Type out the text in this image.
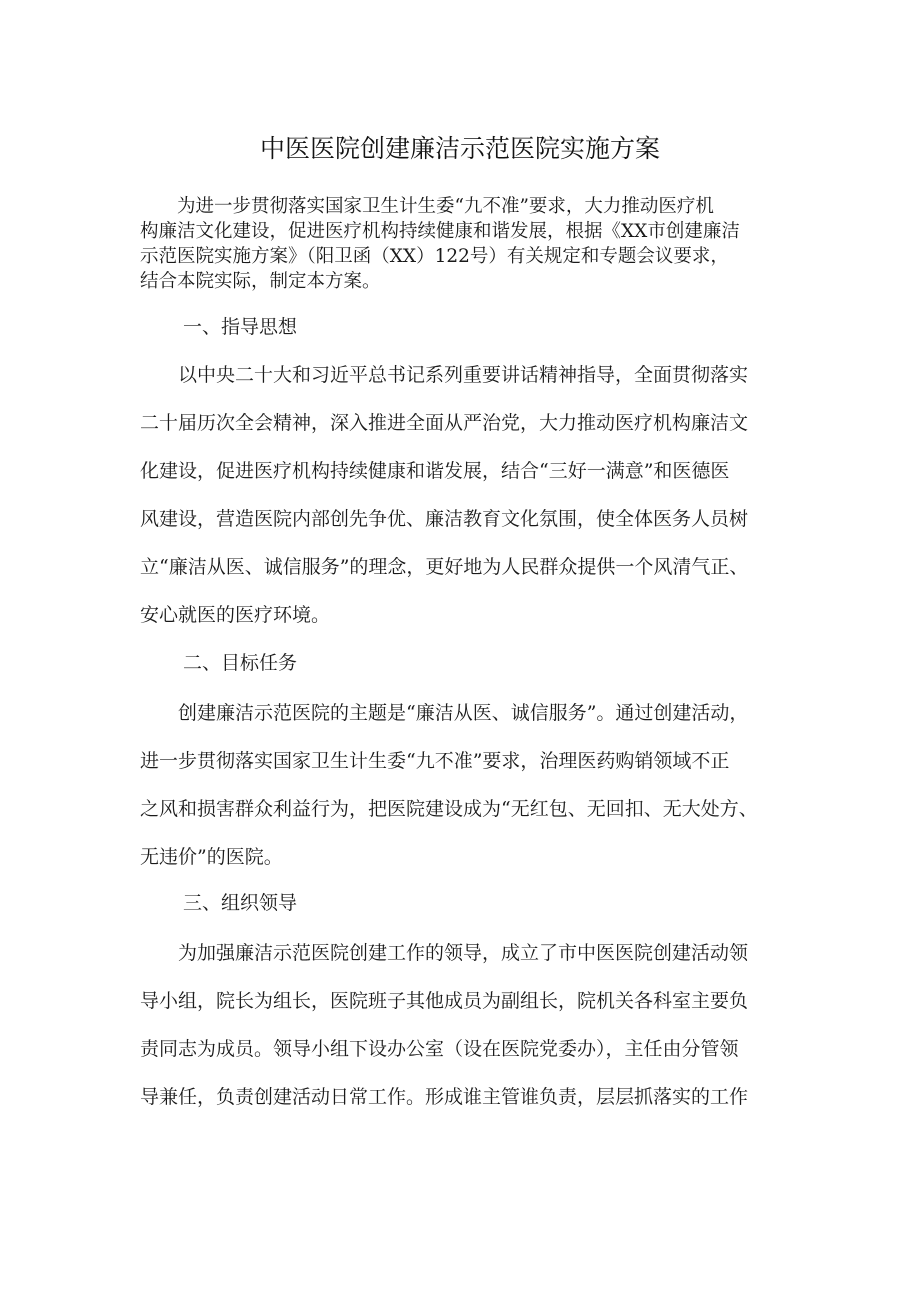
中医医院创建廉洁示范医院实施方案
　　为进一步贯彻落实国家卫生计生委“九不准”要求，大力推动医疗机
构廉洁文化建设，促进医疗机构持续健康和谐发展，根据《XX市创建廉洁
示范医院实施方案》（阳卫函（XX）122号）有关规定和专题会议要求，
结合本院实际，制定本方案。
一、指导思想
　　以中央二十大和习近平总书记系列重要讲话精神指导，全面贯彻落实
二十届历次全会精神，深入推进全面从严治党，大力推动医疗机构廉洁文
化建设，促进医疗机构持续健康和谐发展，结合“三好一满意”和医德医
风建设，营造医院内部创先争优、廉洁教育文化氛围，使全体医务人员树
立“廉洁从医、诚信服务”的理念，更好地为人民群众提供一个风清气正、
安心就医的医疗环境。
二、目标任务
　　创建廉洁示范医院的主题是“廉洁从医、诚信服务”。通过创建活动，
进一步贯彻落实国家卫生计生委“九不准”要求，治理医药购销领域不正
之风和损害群众利益行为，把医院建设成为“无红包、无回扣、无大处方、
无违价”的医院。
三、组织领导
　　为加强廉洁示范医院创建工作的领导，成立了市中医医院创建活动领
导小组，院长为组长，医院班子其他成员为副组长，院机关各科室主要负
责同志为成员。领导小组下设办公室（设在医院党委办），主任由分管领
导兼任，负责创建活动日常工作。形成谁主管谁负责，层层抓落实的工作
